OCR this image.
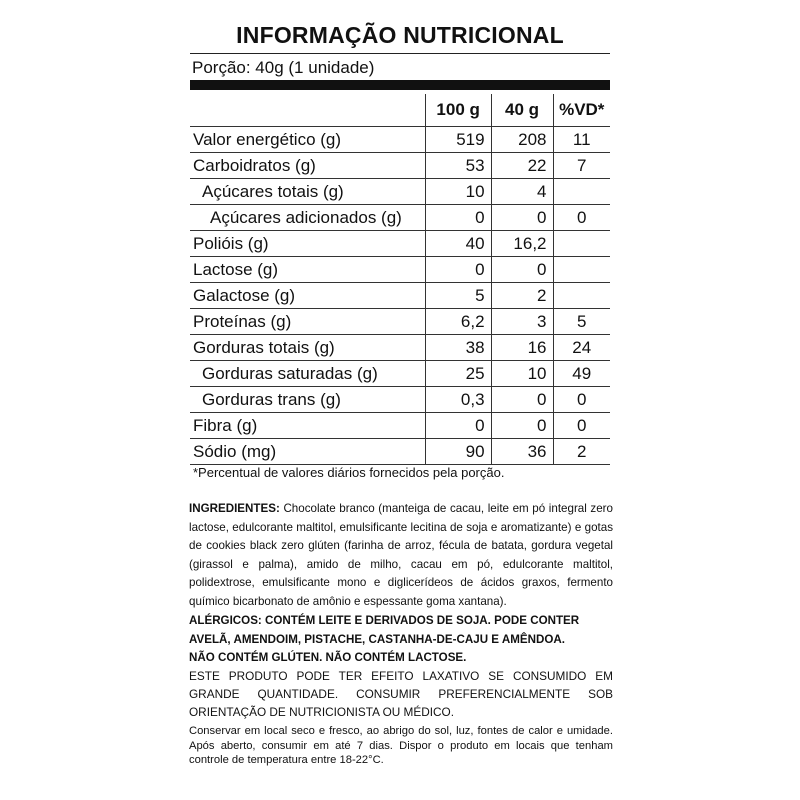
INFORMAÇÃO NUTRICIONAL
Porção: 40g (1 unidade)
	100 g	40 g	%VD*
Valor energético (g)	519	208	11
Carboidratos (g)	53	22	7
Açúcares totais (g)	10	4	
Açúcares adicionados (g)	0	0	0
Polióis (g)	40	16,2	
Lactose (g)	0	0	
Galactose (g)	5	2	
Proteínas (g)	6,2	3	5
Gorduras totais (g)	38	16	24
Gorduras saturadas (g)	25	10	49
Gorduras trans (g)	0,3	0	0
Fibra (g)	0	0	0
Sódio (mg)	90	36	2
*Percentual de valores diários fornecidos pela porção.
INGREDIENTES: Chocolate branco (manteiga de cacau, leite em pó integral zero lactose, edulcorante maltitol, emulsificante lecitina de soja e aromatizante) e gotas de cookies black zero glúten (farinha de arroz, fécula de batata, gordura vegetal (girassol e palma), amido de milho, cacau em pó, edulcorante maltitol, polidextrose, emulsificante mono e diglicerídeos de ácidos graxos, fermento químico bicarbonato de amônio e espessante goma xantana).
ALÉRGICOS: CONTÉM LEITE E DERIVADOS DE SOJA. PODE CONTER AVELÃ, AMENDOIM, PISTACHE, CASTANHA-DE-CAJU E AMÊNDOA.
NÃO CONTÉM GLÚTEN. NÃO CONTÉM LACTOSE.
ESTE PRODUTO PODE TER EFEITO LAXATIVO SE CONSUMIDO EM GRANDE QUANTIDADE. CONSUMIR PREFERENCIALMENTE SOB ORIENTAÇÃO DE NUTRICIONISTA OU MÉDICO.
Conservar em local seco e fresco, ao abrigo do sol, luz, fontes de calor e umidade. Após aberto, consumir em até 7 dias. Dispor o produto em locais que tenham controle de temperatura entre 18-22°C.
